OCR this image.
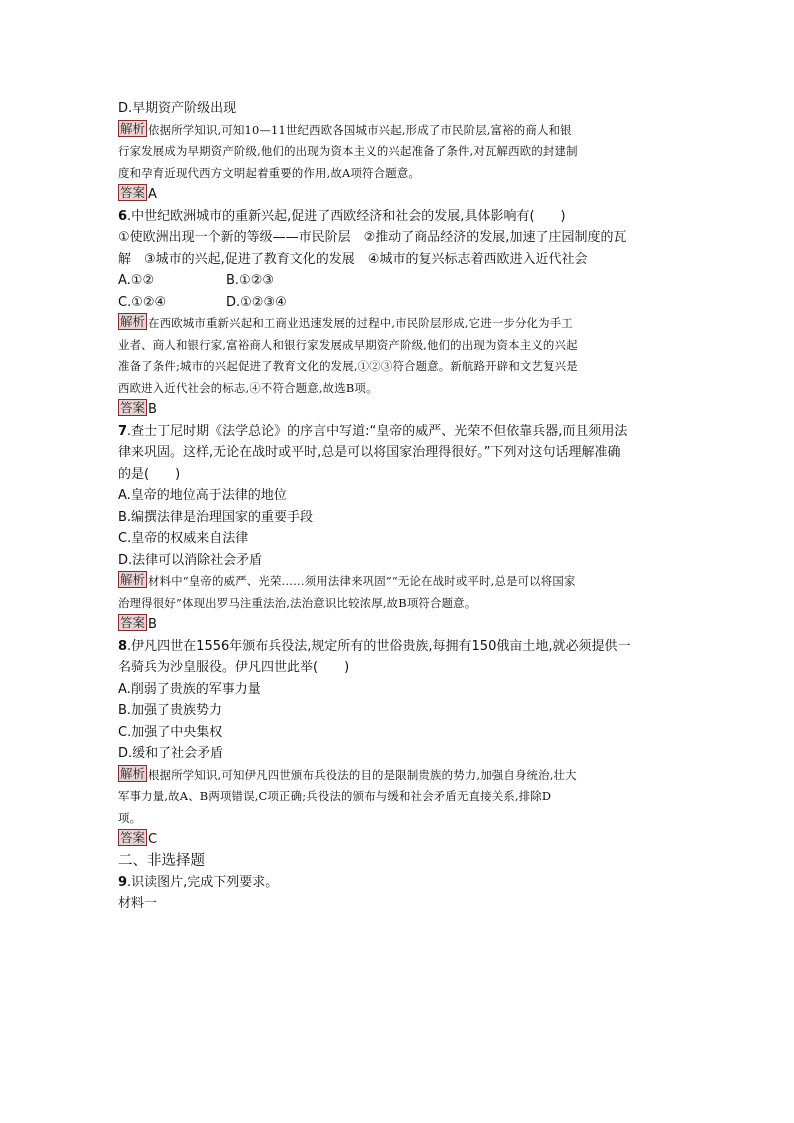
D.早期资产阶级出现

解析 依据所学知识,可知10—11世纪西欧各国城市兴起,形成了市民阶层,富裕的商人和银

行家发展成为早期资产阶级,他们的出现为资本主义的兴起准备了条件,对瓦解西欧的封建制

度和孕育近现代西方文明起着重要的作用,故A项符合题意。

答案 A

6.中世纪欧洲城市的重新兴起,促进了西欧经济和社会的发展,具体影响有(　　)

①使欧洲出现一个新的等级——市民阶层　②推动了商品经济的发展,加速了庄园制度的瓦

解　③城市的兴起,促进了教育文化的发展　④城市的复兴标志着西欧进入近代社会

A.①②	B.①②③
C.①②④	D.①②③④

解析 在西欧城市重新兴起和工商业迅速发展的过程中,市民阶层形成,它进一步分化为手工

业者、商人和银行家,富裕商人和银行家发展成早期资产阶级,他们的出现为资本主义的兴起

准备了条件;城市的兴起促进了教育文化的发展,①②③符合题意。新航路开辟和文艺复兴是

西欧进入近代社会的标志,④不符合题意,故选B项。

答案 B

7.查士丁尼时期《法学总论》的序言中写道:“皇帝的威严、光荣不但依靠兵器,而且须用法

律来巩固。这样,无论在战时或平时,总是可以将国家治理得很好。”下列对这句话理解准确

的是(　　)

A.皇帝的地位高于法律的地位

B.编撰法律是治理国家的重要手段

C.皇帝的权威来自法律

D.法律可以消除社会矛盾

解析 材料中“皇帝的威严、光荣……须用法律来巩固”“无论在战时或平时,总是可以将国家

治理得很好”体现出罗马注重法治,法治意识比较浓厚,故B项符合题意。

答案 B

8.伊凡四世在1556年颁布兵役法,规定所有的世俗贵族,每拥有150俄亩土地,就必须提供一

名骑兵为沙皇服役。伊凡四世此举(　　)

A.削弱了贵族的军事力量

B.加强了贵族势力

C.加强了中央集权

D.缓和了社会矛盾

解析 根据所学知识,可知伊凡四世颁布兵役法的目的是限制贵族的势力,加强自身统治,壮大

军事力量,故A、B两项错误,C项正确;兵役法的颁布与缓和社会矛盾无直接关系,排除D

项。

答案 C

二、非选择题

9.识读图片,完成下列要求。

材料一
